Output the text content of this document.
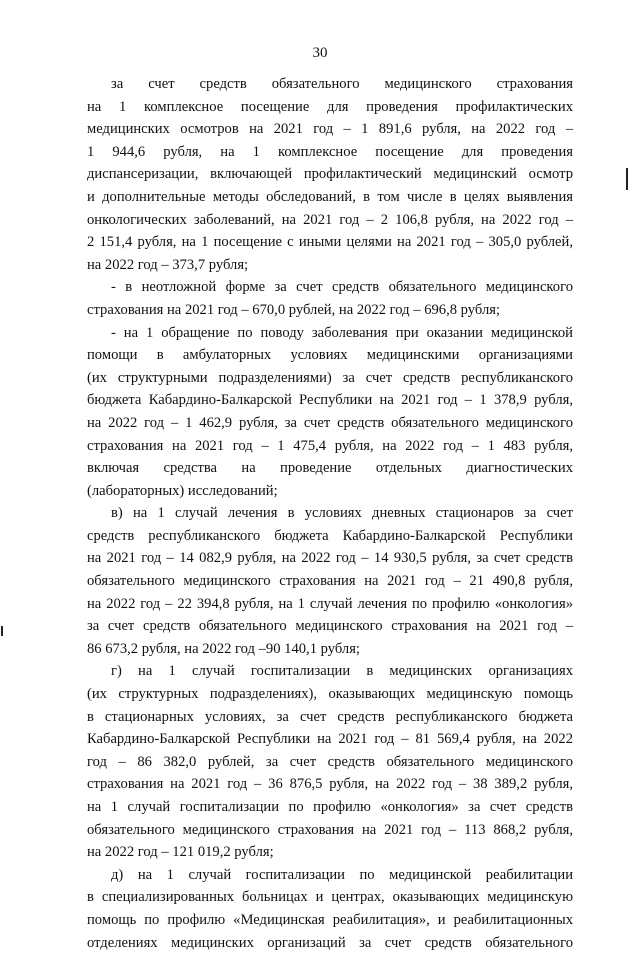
30
за счет средств обязательного медицинского страхования
на 1 комплексное посещение для проведения профилактических
медицинских осмотров на 2021 год – 1 891,6 рубля, на 2022 год –
1 944,6 рубля, на 1 комплексное посещение для проведения
диспансеризации, включающей профилактический медицинский осмотр
и дополнительные методы обследований, в том числе в целях выявления
онкологических заболеваний, на 2021 год – 2 106,8 рубля, на 2022 год –
2 151,4 рубля, на 1 посещение с иными целями на 2021 год – 305,0 рублей,
на 2022 год – 373,7 рубля;
- в неотложной форме за счет средств обязательного медицинского
страхования на 2021 год – 670,0 рублей, на 2022 год – 696,8 рубля;
- на 1 обращение по поводу заболевания при оказании медицинской
помощи в амбулаторных условиях медицинскими организациями
(их структурными подразделениями) за счет средств республиканского
бюджета Кабардино-Балкарской Республики на 2021 год – 1 378,9 рубля,
на 2022 год – 1 462,9 рубля, за счет средств обязательного медицинского
страхования на 2021 год – 1 475,4 рубля, на 2022 год – 1 483 рубля,
включая средства на проведение отдельных диагностических
(лабораторных) исследований;
в) на 1 случай лечения в условиях дневных стационаров за счет
средств республиканского бюджета Кабардино-Балкарской Республики
на 2021 год – 14 082,9 рубля, на 2022 год – 14 930,5 рубля, за счет средств
обязательного медицинского страхования на 2021 год – 21 490,8 рубля,
на 2022 год – 22 394,8 рубля, на 1 случай лечения по профилю «онкология»
за счет средств обязательного медицинского страхования на 2021 год –
86 673,2 рубля, на 2022 год –90 140,1 рубля;
г) на 1 случай госпитализации в медицинских организациях
(их структурных подразделениях), оказывающих медицинскую помощь
в стационарных условиях, за счет средств республиканского бюджета
Кабардино-Балкарской Республики на 2021 год – 81 569,4 рубля, на 2022
год – 86 382,0 рублей, за счет средств обязательного медицинского
страхования на 2021 год – 36 876,5 рубля, на 2022 год – 38 389,2 рубля,
на 1 случай госпитализации по профилю «онкология» за счет средств
обязательного медицинского страхования на 2021 год – 113 868,2 рубля,
на 2022 год – 121 019,2 рубля;
д) на 1 случай госпитализации по медицинской реабилитации
в специализированных больницах и центрах, оказывающих медицинскую
помощь по профилю «Медицинская реабилитация», и реабилитационных
отделениях медицинских организаций за счет средств обязательного
